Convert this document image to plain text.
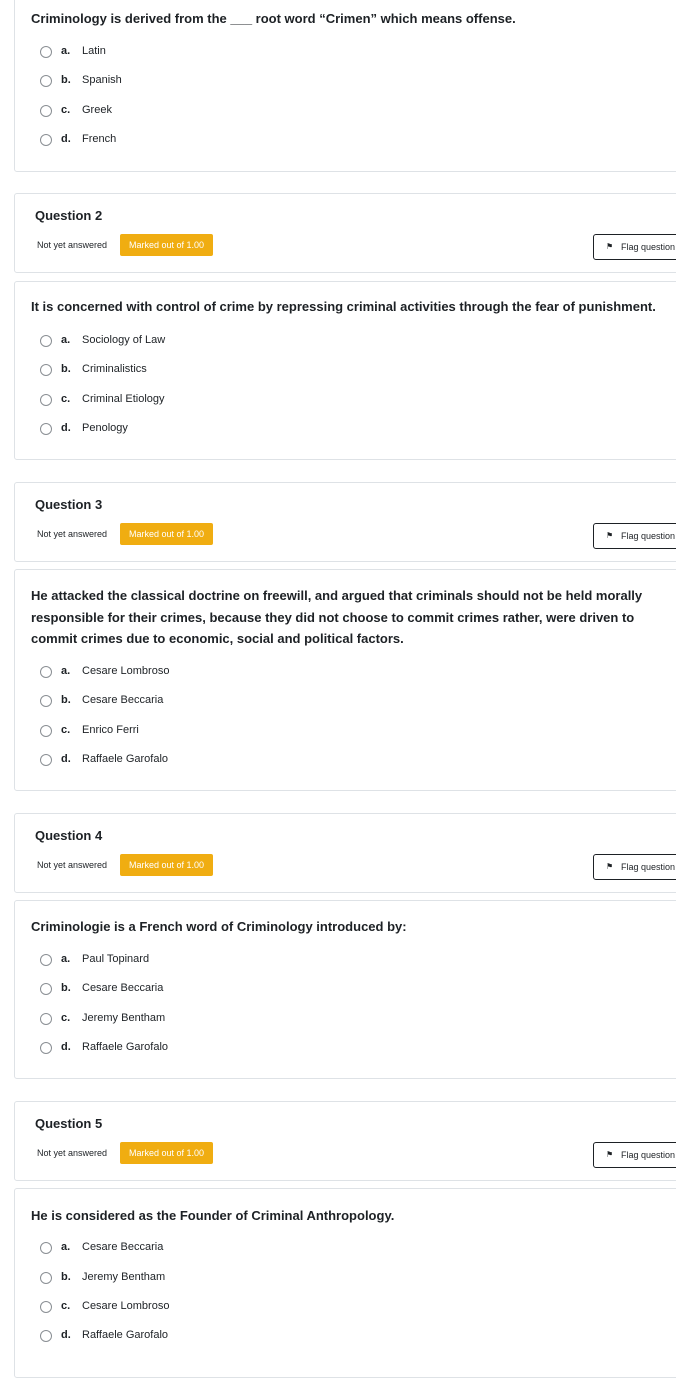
Criminology is derived from the ___ root word “Crimen” which means offense.
a. Latin
b. Spanish
c. Greek
d. French
Question 2
Not yet answered	Marked out of 1.00	⚑ Flag question
It is concerned with control of crime by repressing criminal activities through the fear of punishment.
a. Sociology of Law
b. Criminalistics
c. Criminal Etiology
d. Penology
Question 3
Not yet answered	Marked out of 1.00	⚑ Flag question
He attacked the classical doctrine on freewill, and argued that criminals should not be held morally responsible for their crimes, because they did not choose to commit crimes rather, were driven to commit crimes due to economic, social and political factors.
a. Cesare Lombroso
b. Cesare Beccaria
c. Enrico Ferri
d. Raffaele Garofalo
Question 4
Not yet answered	Marked out of 1.00	⚑ Flag question
Criminologie is a French word of Criminology introduced by:
a. Paul Topinard
b. Cesare Beccaria
c. Jeremy Bentham
d. Raffaele Garofalo
Question 5
Not yet answered	Marked out of 1.00	⚑ Flag question
He is considered as the Founder of Criminal Anthropology.
a. Cesare Beccaria
b. Jeremy Bentham
c. Cesare Lombroso
d. Raffaele Garofalo
